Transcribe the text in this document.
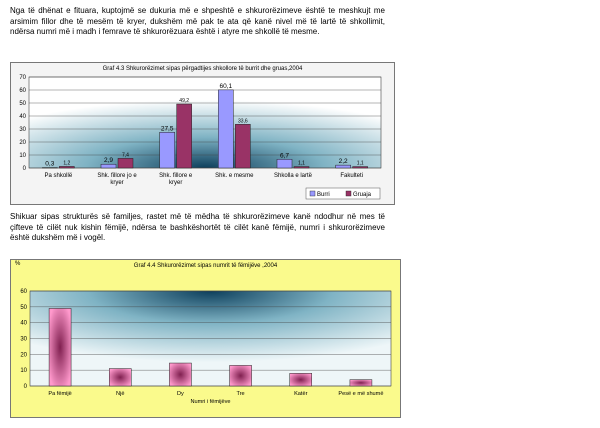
Nga të dhënat e fituara, kuptojmë se dukuria më e shpeshtë e shkurorëzimeve është te meshkujt me arsimim fillor dhe të mesëm të kryer, dukshëm më pak te ata që kanë nivel më të lartë të shkollimit, ndërsa numri më i madh i femrave të shkurorëzuara është i atyre me shkollë të mesme.

Graf 4.3 Shkurorëzimet sipas përgadtijes shkollore të burrit dhe gruas,2004
0
10
20
30
40
50
60
70
0,3	2,9
27,5
60,1
6,7
2,2
1,2
7,4
49,2
33,6
1,1	1,1
Pa shkollë	Shk. fillore jo e
kryer
Shk. fillore e
kryer
Shk. e mesme	Shkolla e lartë	Fakulteti
Burri	Gruaja

Shikuar sipas strukturës së familjes, rastet më të mëdha të shkurorëzimeve kanë ndodhur në mes të çifteve të cilët nuk kishin fëmijë, ndërsa te bashkëshortët të cilët kanë fëmijë, numri i shkurorëzimeve është dukshëm më i vogël.

%	Graf 4.4 Shkurorëzimet sipas numrit të fëmijëve ,2004
0
10
20
30
40
50
60
Pa fëmijë	Një	Dy	Tre	Katër	Pesë e më shumë
Numri i fëmijëve
